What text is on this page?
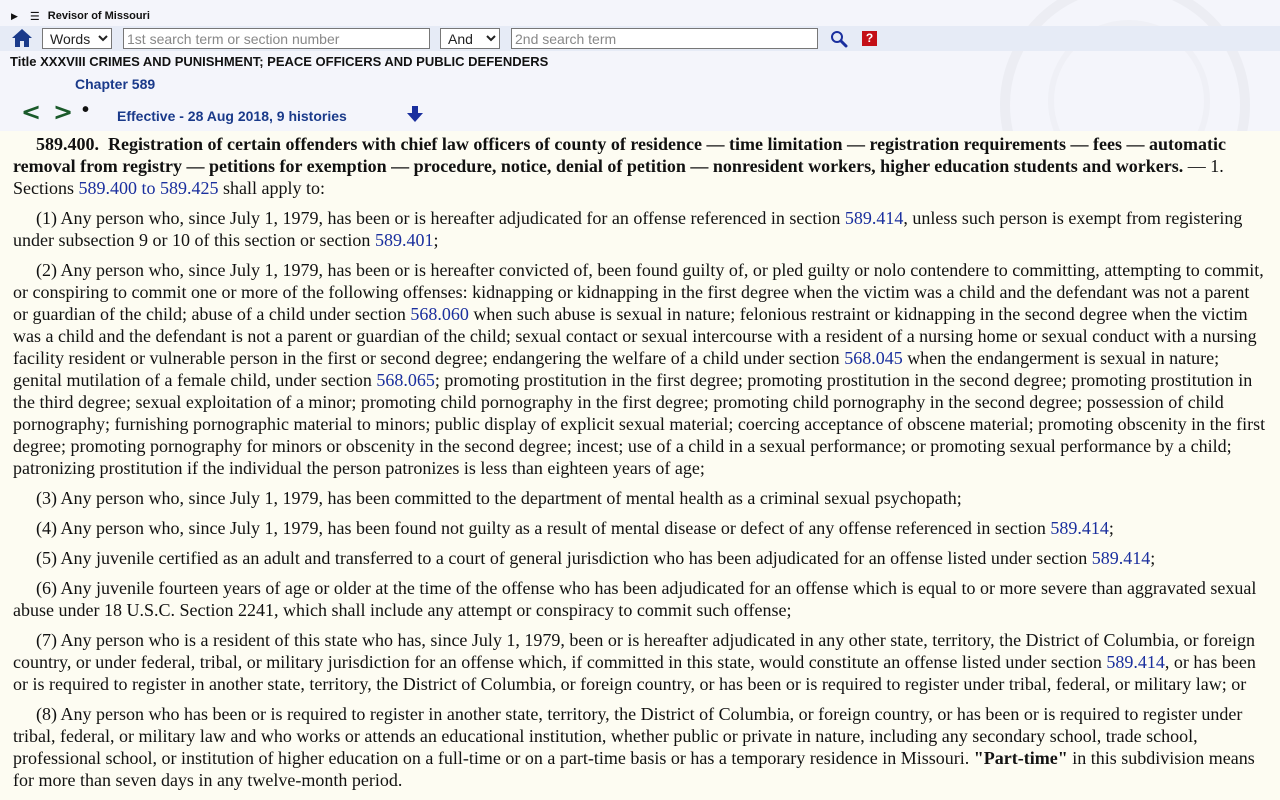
▶ ☰ Revisor of Missouri
Words
1st search term or section number
And
2nd search term
?
Title XXXVIII CRIMES AND PUNISHMENT; PEACE OFFICERS AND PUBLIC DEFENDERS
Chapter 589
< > • Effective - 28 Aug 2018, 9 histories

589.400. Registration of certain offenders with chief law officers of county of residence — time limitation — registration requirements — fees — automatic removal from registry — petitions for exemption — procedure, notice, denial of petition — nonresident workers, higher education students and workers. — 1. Sections 589.400 to 589.425 shall apply to:

(1) Any person who, since July 1, 1979, has been or is hereafter adjudicated for an offense referenced in section 589.414, unless such person is exempt from registering under subsection 9 or 10 of this section or section 589.401;

(2) Any person who, since July 1, 1979, has been or is hereafter convicted of, been found guilty of, or pled guilty or nolo contendere to committing, attempting to commit, or conspiring to commit one or more of the following offenses: kidnapping or kidnapping in the first degree when the victim was a child and the defendant was not a parent or guardian of the child; abuse of a child under section 568.060 when such abuse is sexual in nature; felonious restraint or kidnapping in the second degree when the victim was a child and the defendant is not a parent or guardian of the child; sexual contact or sexual intercourse with a resident of a nursing home or sexual conduct with a nursing facility resident or vulnerable person in the first or second degree; endangering the welfare of a child under section 568.045 when the endangerment is sexual in nature; genital mutilation of a female child, under section 568.065; promoting prostitution in the first degree; promoting prostitution in the second degree; promoting prostitution in the third degree; sexual exploitation of a minor; promoting child pornography in the first degree; promoting child pornography in the second degree; possession of child pornography; furnishing pornographic material to minors; public display of explicit sexual material; coercing acceptance of obscene material; promoting obscenity in the first degree; promoting pornography for minors or obscenity in the second degree; incest; use of a child in a sexual performance; or promoting sexual performance by a child; patronizing prostitution if the individual the person patronizes is less than eighteen years of age;

(3) Any person who, since July 1, 1979, has been committed to the department of mental health as a criminal sexual psychopath;

(4) Any person who, since July 1, 1979, has been found not guilty as a result of mental disease or defect of any offense referenced in section 589.414;

(5) Any juvenile certified as an adult and transferred to a court of general jurisdiction who has been adjudicated for an offense listed under section 589.414;

(6) Any juvenile fourteen years of age or older at the time of the offense who has been adjudicated for an offense which is equal to or more severe than aggravated sexual abuse under 18 U.S.C. Section 2241, which shall include any attempt or conspiracy to commit such offense;

(7) Any person who is a resident of this state who has, since July 1, 1979, been or is hereafter adjudicated in any other state, territory, the District of Columbia, or foreign country, or under federal, tribal, or military jurisdiction for an offense which, if committed in this state, would constitute an offense listed under section 589.414, or has been or is required to register in another state, territory, the District of Columbia, or foreign country, or has been or is required to register under tribal, federal, or military law; or

(8) Any person who has been or is required to register in another state, territory, the District of Columbia, or foreign country, or has been or is required to register under tribal, federal, or military law and who works or attends an educational institution, whether public or private in nature, including any secondary school, trade school, professional school, or institution of higher education on a full-time or on a part-time basis or has a temporary residence in Missouri. "Part-time" in this subdivision means for more than seven days in any twelve-month period.
